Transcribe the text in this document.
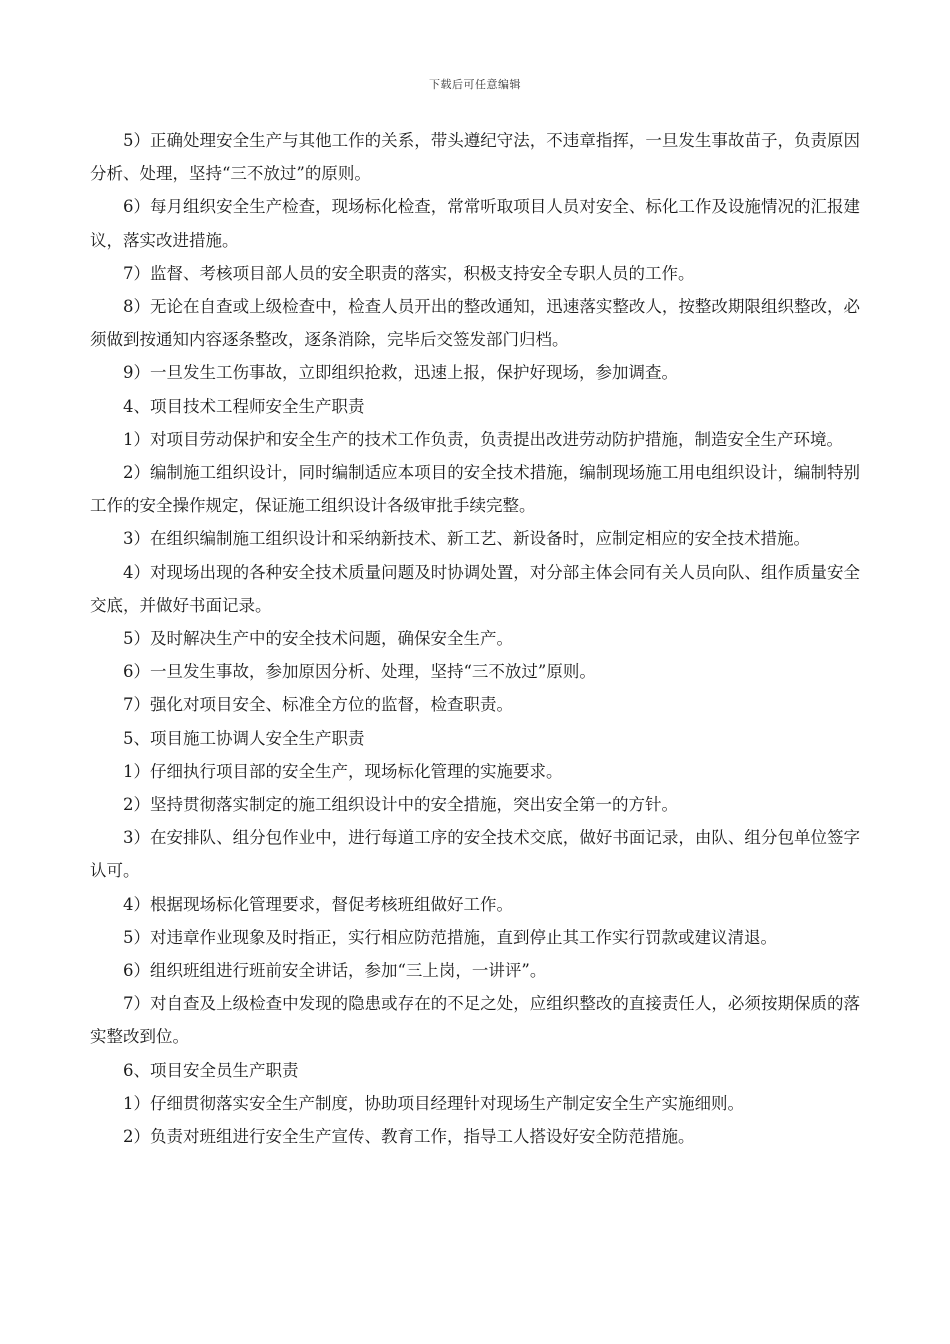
下载后可任意编辑

5）正确处理安全生产与其他工作的关系，带头遵纪守法，不违章指挥，一旦发生事故苗子，负责原因分析、处理，坚持“三不放过”的原则。

6）每月组织安全生产检查，现场标化检查，常常听取项目人员对安全、标化工作及设施情况的汇报建议，落实改进措施。

7）监督、考核项目部人员的安全职责的落实，积极支持安全专职人员的工作。

8）无论在自查或上级检查中，检查人员开出的整改通知，迅速落实整改人，按整改期限组织整改，必须做到按通知内容逐条整改，逐条消除，完毕后交签发部门归档。

9）一旦发生工伤事故，立即组织抢救，迅速上报，保护好现场，参加调查。

4、项目技术工程师安全生产职责

1）对项目劳动保护和安全生产的技术工作负责，负责提出改进劳动防护措施，制造安全生产环境。

2）编制施工组织设计，同时编制适应本项目的安全技术措施，编制现场施工用电组织设计，编制特别工作的安全操作规定，保证施工组织设计各级审批手续完整。

3）在组织编制施工组织设计和采纳新技术、新工艺、新设备时，应制定相应的安全技术措施。

4）对现场出现的各种安全技术质量问题及时协调处置，对分部主体会同有关人员向队、组作质量安全交底，并做好书面记录。

5）及时解决生产中的安全技术问题，确保安全生产。

6）一旦发生事故，参加原因分析、处理，坚持“三不放过”原则。

7）强化对项目安全、标准全方位的监督，检查职责。

5、项目施工协调人安全生产职责

1）仔细执行项目部的安全生产，现场标化管理的实施要求。

2）坚持贯彻落实制定的施工组织设计中的安全措施，突出安全第一的方针。

3）在安排队、组分包作业中，进行每道工序的安全技术交底，做好书面记录，由队、组分包单位签字认可。

4）根据现场标化管理要求，督促考核班组做好工作。

5）对违章作业现象及时指正，实行相应防范措施，直到停止其工作实行罚款或建议清退。

6）组织班组进行班前安全讲话，参加“三上岗，一讲评”。

7）对自查及上级检查中发现的隐患或存在的不足之处，应组织整改的直接责任人，必须按期保质的落实整改到位。

6、项目安全员生产职责

1）仔细贯彻落实安全生产制度，协助项目经理针对现场生产制定安全生产实施细则。

2）负责对班组进行安全生产宣传、教育工作，指导工人搭设好安全防范措施。
